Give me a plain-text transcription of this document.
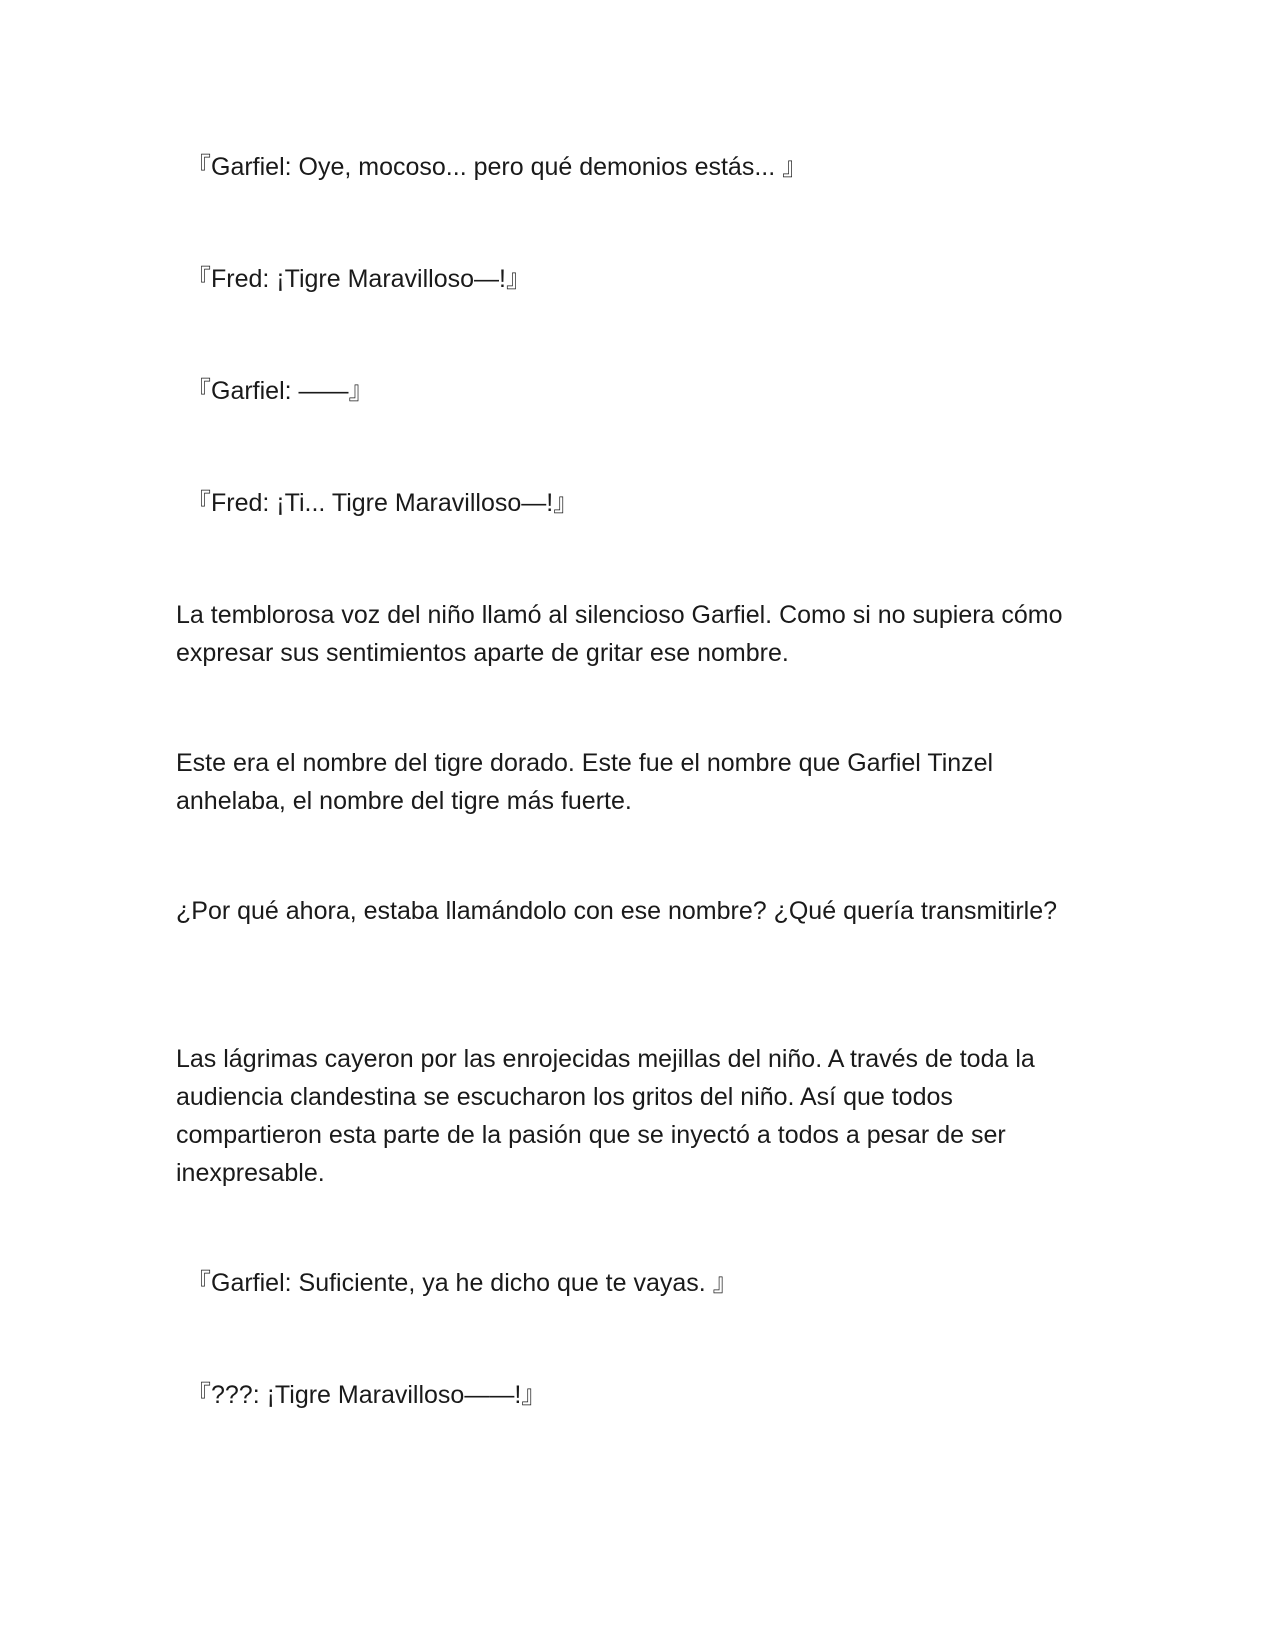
『Garfiel: Oye, mocoso... pero qué demonios estás... 』

『Fred: ¡Tigre Maravilloso—!』

『Garfiel: ——』

『Fred: ¡Ti... Tigre Maravilloso—!』

La temblorosa voz del niño llamó al silencioso Garfiel. Como si no supiera cómo expresar sus sentimientos aparte de gritar ese nombre.

Este era el nombre del tigre dorado. Este fue el nombre que Garfiel Tinzel anhelaba, el nombre del tigre más fuerte.

¿Por qué ahora, estaba llamándolo con ese nombre? ¿Qué quería transmitirle?

Las lágrimas cayeron por las enrojecidas mejillas del niño. A través de toda la audiencia clandestina se escucharon los gritos del niño. Así que todos compartieron esta parte de la pasión que se inyectó a todos a pesar de ser inexpresable.

『Garfiel: Suficiente, ya he dicho que te vayas. 』

『???: ¡Tigre Maravilloso——!』
